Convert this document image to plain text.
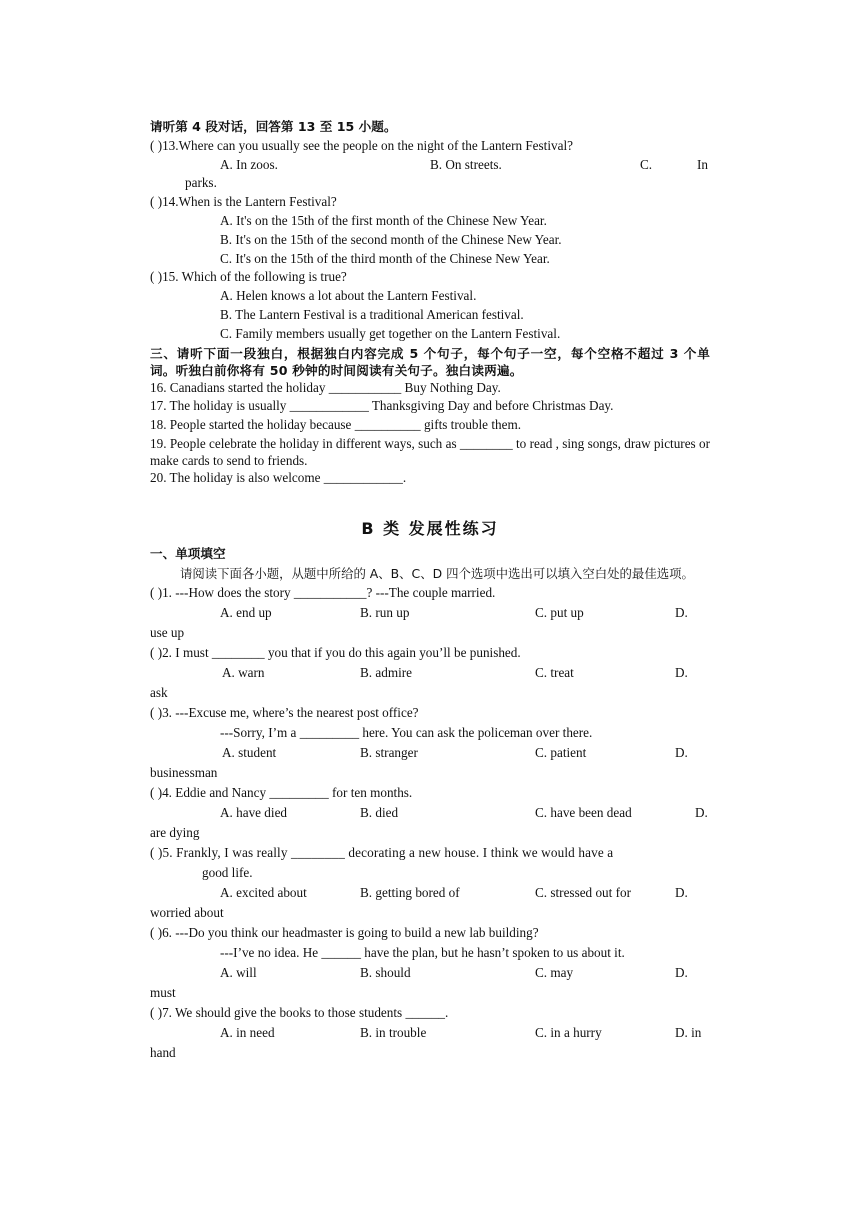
请听第 4 段对话，回答第 13 至 15 小题。
( )13.Where can you usually see the people on the night of the Lantern Festival?
A. In zoos.	B. On streets.	C.	In
parks.
( )14.When is the Lantern Festival?
A. It's on the 15th of the first month of the Chinese New Year.
B. It's on the 15th of the second month of the Chinese New Year.
C. It's on the 15th of the third month of the Chinese New Year.
( )15. Which of the following is true?
A. Helen knows a lot about the Lantern Festival.
B. The Lantern Festival is a traditional American festival.
C. Family members usually get together on the Lantern Festival.
三、请听下面一段独白，根据独白内容完成 5 个句子，每个句子一空，每个空格不超过 3 个单词。听独白前你将有 50 秒钟的时间阅读有关句子。独白读两遍。
16. Canadians started the holiday ___________ Buy Nothing Day.
17. The holiday is usually ____________ Thanksgiving Day and before Christmas Day.
18. People started the holiday because __________ gifts trouble them.
19. People celebrate the holiday in different ways, such as ________ to read , sing songs, draw pictures or make cards to send to friends.
20. The holiday is also welcome ____________.
B 类 发展性练习
一、单项填空
请阅读下面各小题，从题中所给的 A、B、C、D 四个选项中选出可以填入空白处的最佳选项。
( )1. ---How does the story ___________? ---The couple married.
A. end up	B. run up	C. put up	D.
use up
( )2. I must ________ you that if you do this again you’ll be punished.
A. warn	B. admire	C. treat	D.
ask
( )3. ---Excuse me, where’s the nearest post office?
---Sorry, I’m a _________ here. You can ask the policeman over there.
A. student	B. stranger	C. patient	D.
businessman
( )4. Eddie and Nancy _________ for ten months.
A. have died	B. died	C. have been dead	D.
are dying
( )5. Frankly, I was really ________ decorating a new house. I think we would have a
good life.
A. excited about	B. getting bored of	C. stressed out for	D.
worried about
( )6. ---Do you think our headmaster is going to build a new lab building?
---I’ve no idea. He ______ have the plan, but he hasn’t spoken to us about it.
A. will	B. should	C. may	D.
must
( )7. We should give the books to those students ______.
A. in need	B. in trouble	C. in a hurry	D. in
hand
